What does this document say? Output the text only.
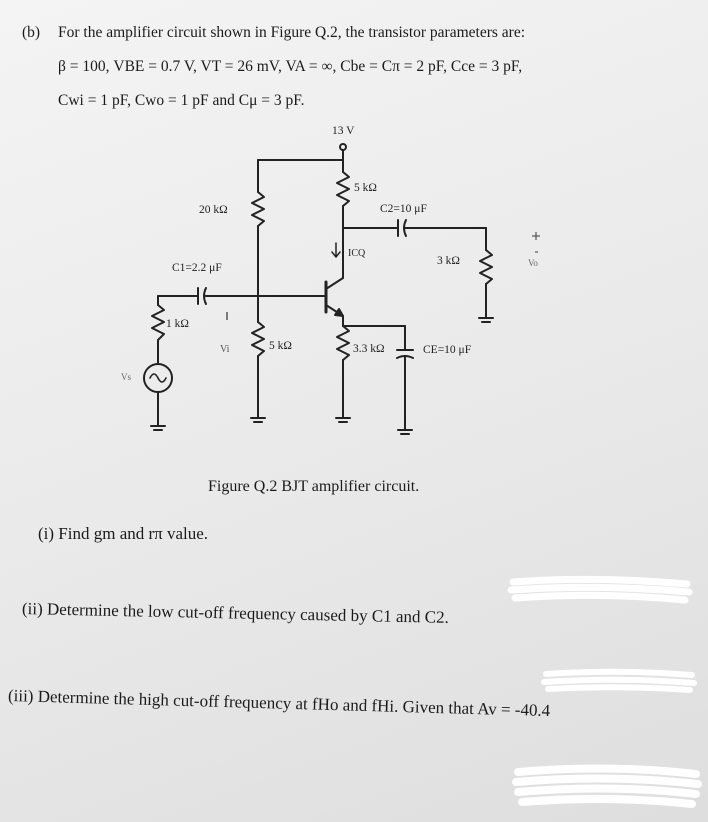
(b) For the amplifier circuit shown in Figure Q.2, the transistor parameters are:
β = 100, VBE = 0.7 V, VT = 26 mV, VA = ∞, Cbe = Cπ = 2 pF, Cce = 3 pF,
Cwi = 1 pF, Cwo = 1 pF and Cμ = 3 pF.
13 V
5 kΩ
20 kΩ	C2=10 μF
ICQ
3 kΩ	Vo
C1=2.2 μF
1 kΩ
Vi	5 kΩ	3.3 kΩ	CE=10 μF
Vs
Figure Q.2 BJT amplifier circuit.
(i) Find gm and rπ value.
(ii) Determine the low cut-off frequency caused by C1 and C2.
(iii) Determine the high cut-off frequency at fHo and fHi. Given that Av = -40.4
